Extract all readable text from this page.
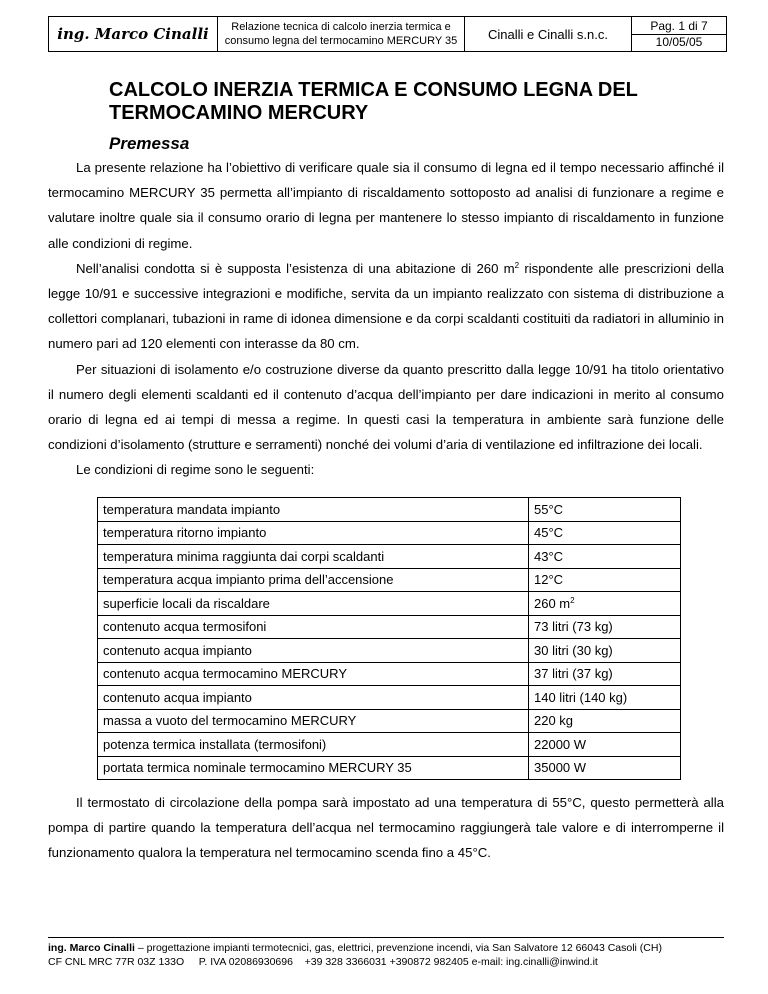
ing. Marco Cinalli	Relazione tecnica di calcolo inerzia termica e
consumo legna del termocamino MERCURY 35	Cinalli e Cinalli s.n.c.	
Pag. 1 di 7
10/05/05
CALCOLO INERZIA TERMICA E CONSUMO LEGNA DEL
TERMOCAMINO MERCURY
Premessa

La presente relazione ha l’obiettivo di verificare quale sia il consumo di legna ed il tempo necessario affinché il termocamino MERCURY 35 permetta all’impianto di riscaldamento sottoposto ad analisi di funzionare a regime e valutare inoltre quale sia il consumo orario di legna per mantenere lo stesso impianto di riscaldamento in funzione alle condizioni di regime.

Nell’analisi condotta si è supposta l’esistenza di una abitazione di 260 $m^2$ rispondente alle prescrizioni della legge 10/91 e successive integrazioni e modifiche, servita da un impianto realizzato con sistema di distribuzione a collettori complanari, tubazioni in rame di idonea dimensione e da corpi scaldanti costituiti da radiatori in alluminio in numero pari ad 120 elementi con interasse da 80 cm.

Per situazioni di isolamento e/o costruzione diverse da quanto prescritto dalla legge 10/91 ha titolo orientativo il numero degli elementi scaldanti ed il contenuto d’acqua dell’impianto per dare indicazioni in merito al consumo orario di legna ed ai tempi di messa a regime. In questi casi la temperatura in ambiente sarà funzione delle condizioni d’isolamento (strutture e serramenti) nonché dei volumi d’aria di ventilazione ed infiltrazione dei locali.

Le condizioni di regime sono le seguenti:
temperatura mandata impianto	55°C
temperatura ritorno impianto	45°C
temperatura minima raggiunta dai corpi scaldanti	43°C
temperatura acqua impianto prima dell’accensione	12°C
superficie locali da riscaldare	260 $m^2$
contenuto acqua termosifoni	73 litri (73 kg)
contenuto acqua impianto	30 litri (30 kg)
contenuto acqua termocamino MERCURY	37 litri (37 kg)
contenuto acqua impianto	140 litri (140 kg)
massa a vuoto del termocamino MERCURY	220 kg
potenza termica installata (termosifoni)	22000 W
portata termica nominale termocamino MERCURY 35	35000 W

Il termostato di circolazione della pompa sarà impostato ad una temperatura di 55°C, questo permetterà alla pompa di partire quando la temperatura dell’acqua nel termocamino raggiungerà tale valore e di interromperne il funzionamento qualora la temperatura nel termocamino scenda fino a 45°C.

ing. Marco Cinalli – progettazione impianti termotecnici, gas, elettrici, prevenzione incendi, via San Salvatore 12 66043 Casoli (CH)
CF CNL MRC 77R 03Z 133O     P. IVA 02086930696    +39 328 3366031 +390872 982405 e-mail: ing.cinalli@inwind.it
